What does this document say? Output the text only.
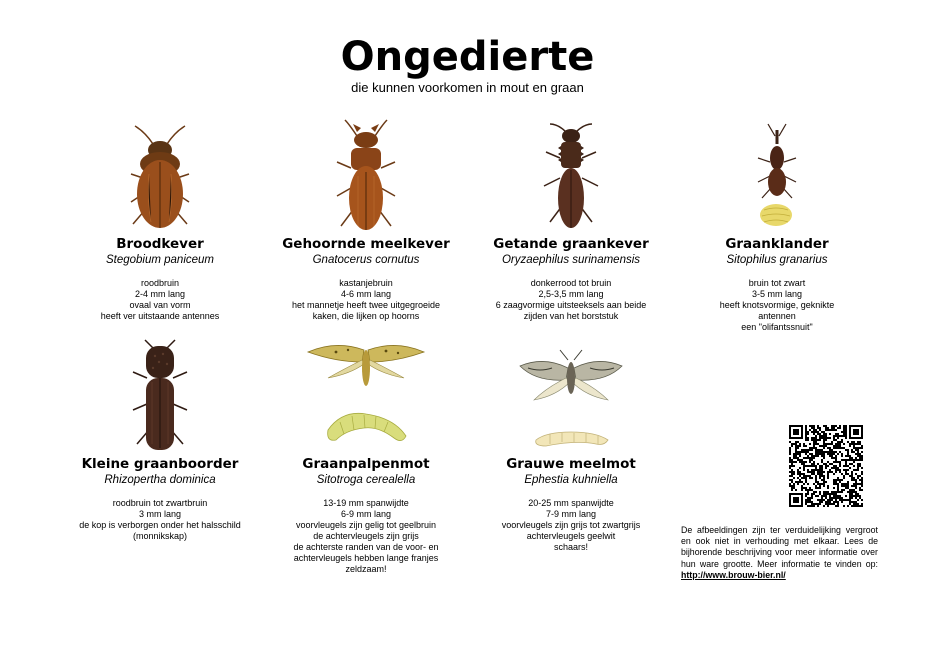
Ongedierte
die kunnen voorkomen in mout en graan
Broodkever
Stegobium paniceum
roodbruin
2-4 mm lang
ovaal van vorm
heeft ver uitstaande antennes
Gehoornde meelkever
Gnatocerus cornutus
kastanjebruin
4-6 mm lang
het mannetje heeft twee uitgegroeide
kaken, die lijken op hoorns
Getande graankever
Oryzaephilus surinamensis
donkerrood tot bruin
2,5-3,5 mm lang
6 zaagvormige uitsteeksels aan beide
zijden van het borststuk
Graanklander
Sitophilus granarius
bruin tot zwart
3-5 mm lang
heeft knotsvormige, geknikte
antennen
een "olifantssnuit"
Kleine graanboorder
Rhizopertha dominica
roodbruin tot zwartbruin
3 mm lang
de kop is verborgen onder het halsschild
(monnikskap)
Graanpalpenmot
Sitotroga cerealella
13-19 mm spanwijdte
6-9 mm lang
voorvleugels zijn gelig tot geelbruin
de achtervleugels zijn grijs
de achterste randen van de voor- en
achtervleugels hebben lange franjes
zeldzaam!
Grauwe meelmot
Ephestia kuhniella
20-25 mm spanwijdte
7-9 mm lang
voorvleugels zijn grijs tot zwartgrijs
achtervleugels geelwit
schaars!
De afbeeldingen zijn ter verduidelijking vergroot en ook niet in verhouding met elkaar. Lees de bijhorende beschrijving voor meer informatie over hun ware grootte. Meer informatie te vinden op: http://www.brouw-bier.nl/
